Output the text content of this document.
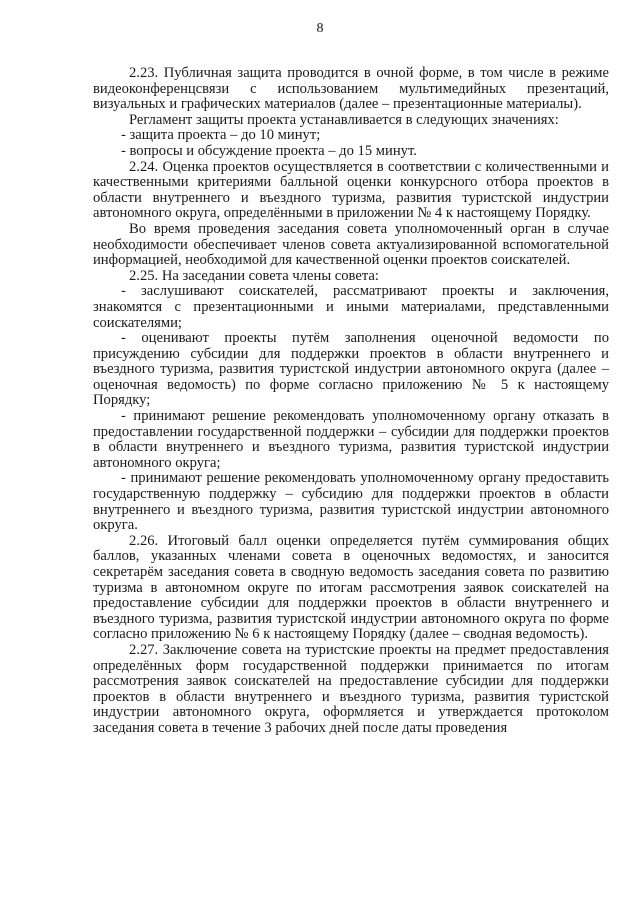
8

2.23. Публичная защита проводится в очной форме, в том числе в режиме видеоконференцсвязи с использованием мультимедийных презентаций, визуальных и графических материалов (далее – презентационные материалы).

Регламент защиты проекта устанавливается в следующих значениях:

- защита проекта – до 10 минут;

- вопросы и обсуждение проекта – до 15 минут.

2.24. Оценка проектов осуществляется в соответствии с количественными и качественными критериями балльной оценки конкурсного отбора проектов в области внутреннего и въездного туризма, развития туристской индустрии автономного округа, определёнными в приложении № 4 к настоящему Порядку.

Во время проведения заседания совета уполномоченный орган в случае необходимости обеспечивает членов совета актуализированной вспомогательной информацией, необходимой для качественной оценки проектов соискателей.

2.25. На заседании совета члены совета:

- заслушивают соискателей, рассматривают проекты и заключения, знакомятся с презентационными и иными материалами, представленными соискателями;

- оценивают проекты путём заполнения оценочной ведомости по присуждению субсидии для поддержки проектов в области внутреннего и въездного туризма, развития туристской индустрии автономного округа (далее – оценочная ведомость) по форме согласно приложению № 5 к настоящему Порядку;

- принимают решение рекомендовать уполномоченному органу отказать в предоставлении государственной поддержки – субсидии для поддержки проектов в области внутреннего и въездного туризма, развития туристской индустрии автономного округа;

- принимают решение рекомендовать уполномоченному органу предоставить государственную поддержку – субсидию для поддержки проектов в области внутреннего и въездного туризма, развития туристской индустрии автономного округа.

2.26. Итоговый балл оценки определяется путём суммирования общих баллов, указанных членами совета в оценочных ведомостях, и заносится секретарём заседания совета в сводную ведомость заседания совета по развитию туризма в автономном округе по итогам рассмотрения заявок соискателей на предоставление субсидии для поддержки проектов в области внутреннего и въездного туризма, развития туристской индустрии автономного округа по форме согласно приложению № 6 к настоящему Порядку (далее – сводная ведомость).

2.27. Заключение совета на туристские проекты на предмет предоставления определённых форм государственной поддержки принимается по итогам рассмотрения заявок соискателей на предоставление субсидии для поддержки проектов в области внутреннего и въездного туризма, развития туристской индустрии автономного округа, оформляется и утверждается протоколом заседания совета в течение 3 рабочих дней после даты проведения
